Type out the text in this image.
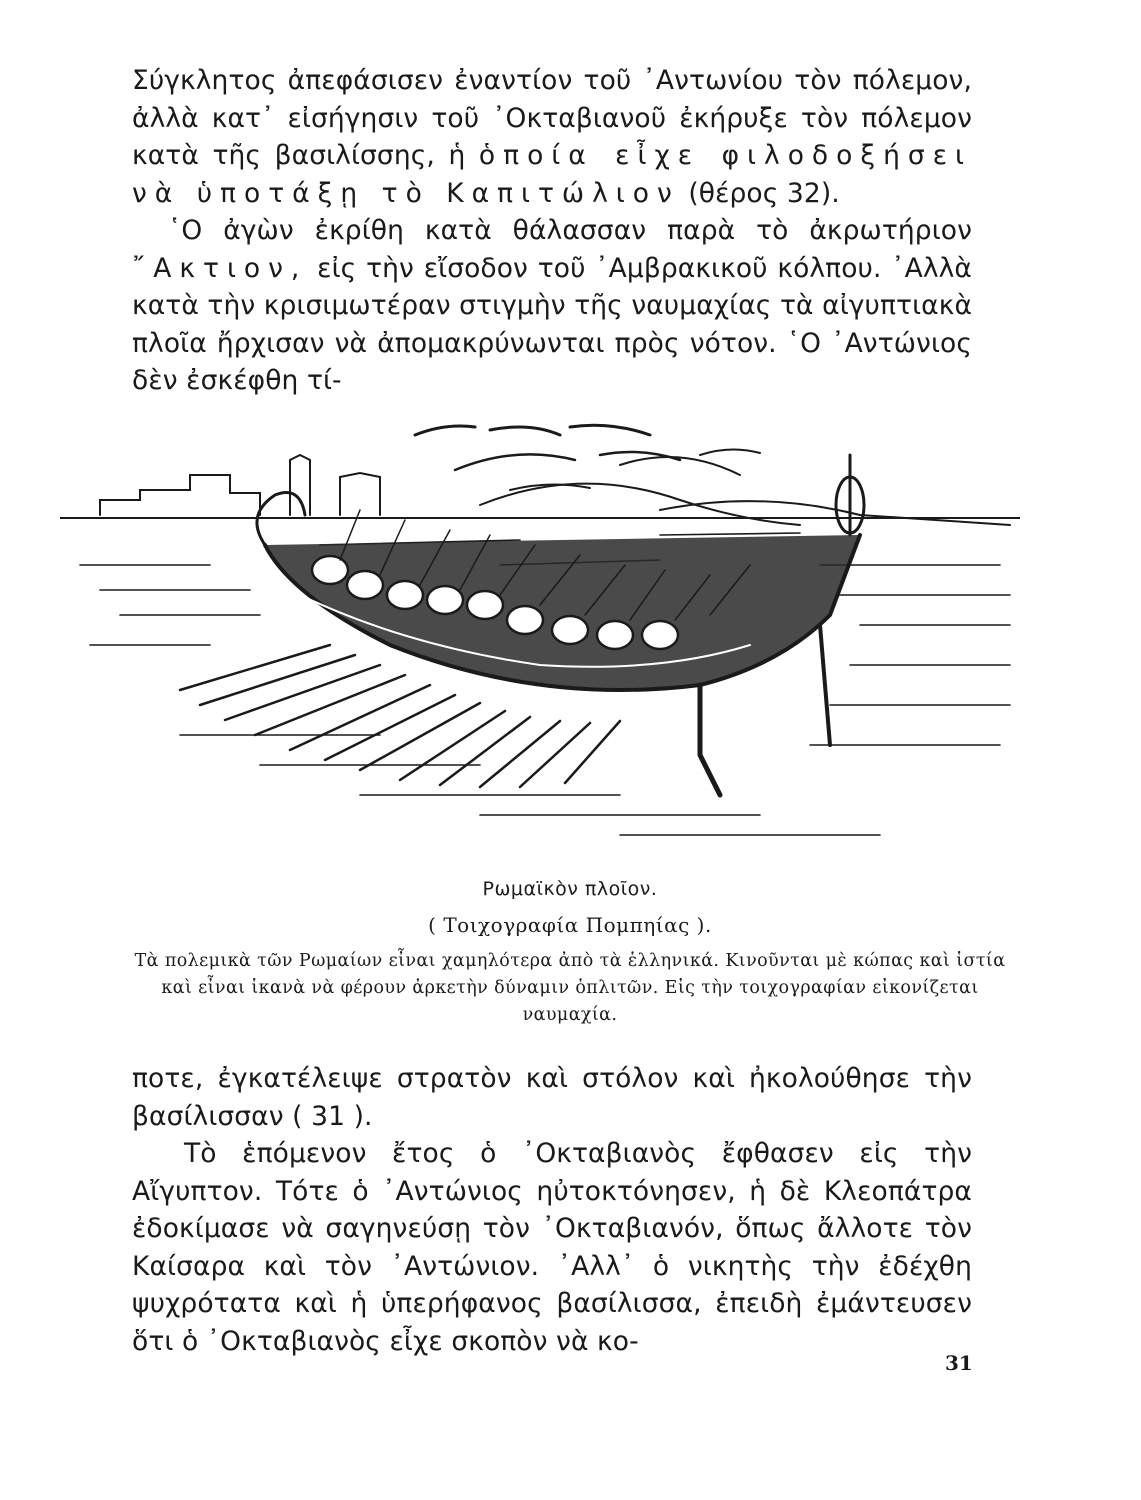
Σύγκλητος ἀπεφάσισεν ἐναντίον τοῦ ᾿Αντωνίου τὸν πόλεμον, ἀλλὰ κατ᾿ εἰσήγησιν τοῦ ᾿Οκταβιανοῦ ἐκήρυξε τὸν πόλεμον κατὰ τῆς βασιλίσσης, ἡ ὁποία εἶχε φιλοδοξήσει νὰ ὑποτάξῃ τὸ Καπιτώλιον (θέρος 32).

῾Ο ἀγὼν ἐκρίθη κατὰ θάλασσαν παρὰ τὸ ἀκρωτήριον ῎Ακτιον, εἰς τὴν εἴσοδον τοῦ ᾿Αμβρακικοῦ κόλπου. ᾿Αλλὰ κατὰ τὴν κρισιμωτέραν στιγμὴν τῆς ναυμαχίας τὰ αἰγυπτιακὰ πλοῖα ἤρχισαν νὰ ἀπομακρύνωνται πρὸς νότον. ῾Ο ᾿Αντώνιος δὲν ἐσκέφθη τί-

Ρωμαϊκὸν πλοῖον.
( Τοιχογραφία Πομπηίας ).
Τὰ πολεμικὰ τῶν Ρωμαίων εἶναι χαμηλότερα ἀπὸ τὰ ἑλληνικά. Κινοῦνται μὲ κώπας καὶ ἱστία καὶ εἶναι ἱκανὰ νὰ φέρουν ἀρκετὴν δύναμιν ὁπλιτῶν. Εἰς τὴν τοιχογραφίαν εἰκονίζεται ναυμαχία.

ποτε, ἐγκατέλειψε στρατὸν καὶ στόλον καὶ ἠκολούθησε τὴν βασίλισσαν ( 31 ).

Τὸ ἑπόμενον ἔτος ὁ ᾿Οκταβιανὸς ἔφθασεν εἰς τὴν Αἴγυπτον. Τότε ὁ ᾿Αντώνιος ηὐτοκτόνησεν, ἡ δὲ Κλεοπάτρα ἐδοκίμασε νὰ σαγηνεύσῃ τὸν ᾿Οκταβιανόν, ὅπως ἄλλοτε τὸν Καίσαρα καὶ τὸν ᾿Αντώνιον. ᾿Αλλ᾿ ὁ νικητὴς τὴν ἐδέχθη ψυχρότατα καὶ ἡ ὑπερήφανος βασίλισσα, ἐπειδὴ ἐμάντευσεν ὅτι ὁ ᾿Οκταβιανὸς εἶχε σκοπὸν νὰ κο-

31
